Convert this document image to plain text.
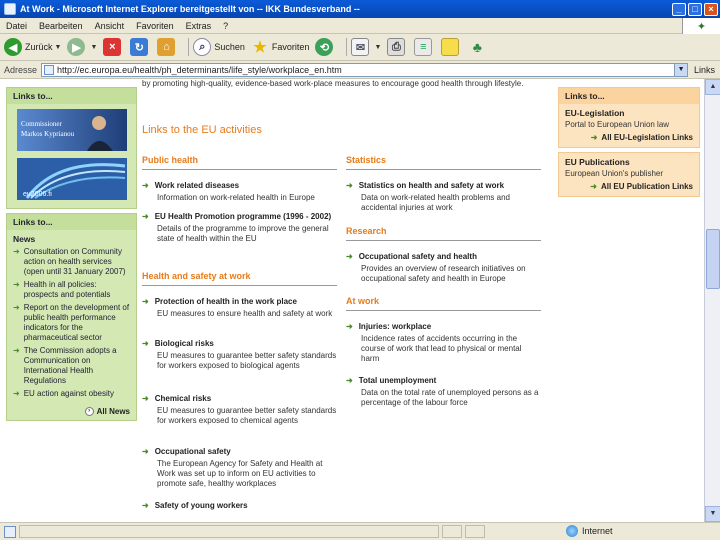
At Work - Microsoft Internet Explorer bereitgestellt von -- IKK Bundesverband --	_	□	×
Datei	Bearbeiten	Ansicht	Favoriten	Extras	?	✦
◀ Zurück ▼ ▶	▼	×	↻	⌂	⌕ Suchen ★ Favoriten ⟲	✉	▼ ⎙	≡	♣
Adresse	http://ec.europa.eu/health/ph_determinants/life_style/workplace_en.htm	▼	Links
Links to...
Commissioner
Markos Kyprianou

eu2006.fi
Links to...
News
➜ Consultation on Community action on health services (open until 31 January 2007)
➜ Health in all policies: prospects and potentials
➜ Report on the development of public health performance indicators for the pharmaceutical sector
➜ The Commission adopts a Communication on International Health Regulations
➜ EU action against obesity
› All News
by promoting high-quality, evidence-based work-place measures to encourage good health through lifestyle.
Links to the EU activities
Public health
➜ Work related diseases
Information on work-related health in Europe
➜ EU Health Promotion programme (1996 - 2002)
Details of the programme to improve the general state of health within the EU
Health and safety at work
➜ Protection of health in the work place
EU measures to ensure health and safety at work
➜ Biological risks
EU measures to guarantee better safety standards for workers exposed to biological agents
➜ Chemical risks
EU measures to guarantee better safety standards for workers exposed to chemical agents
➜ Occupational safety
The European Agency for Safety and Health at Work was set up to inform on EU activities to promote safe, healthy workplaces
➜ Safety of young workers
Statistics
➜ Statistics on health and safety at work
Data on work-related health problems and accidental injuries at work
Research
➜ Occupational safety and health
Provides an overview of research initiatives on occupational safety and health in Europe
At work
➜ Injuries: workplace
Incidence rates of accidents occurring in the course of work that lead to physical or mental harm
➜ Total unemployment
Data on the total rate of unemployed persons as a percentage of the labour force
Links to...
EU-Legislation
Portal to European Union law
➜ All EU-Legislation Links
EU Publications
European Union's publisher
➜ All EU Publication Links
▲
▼
Internet
